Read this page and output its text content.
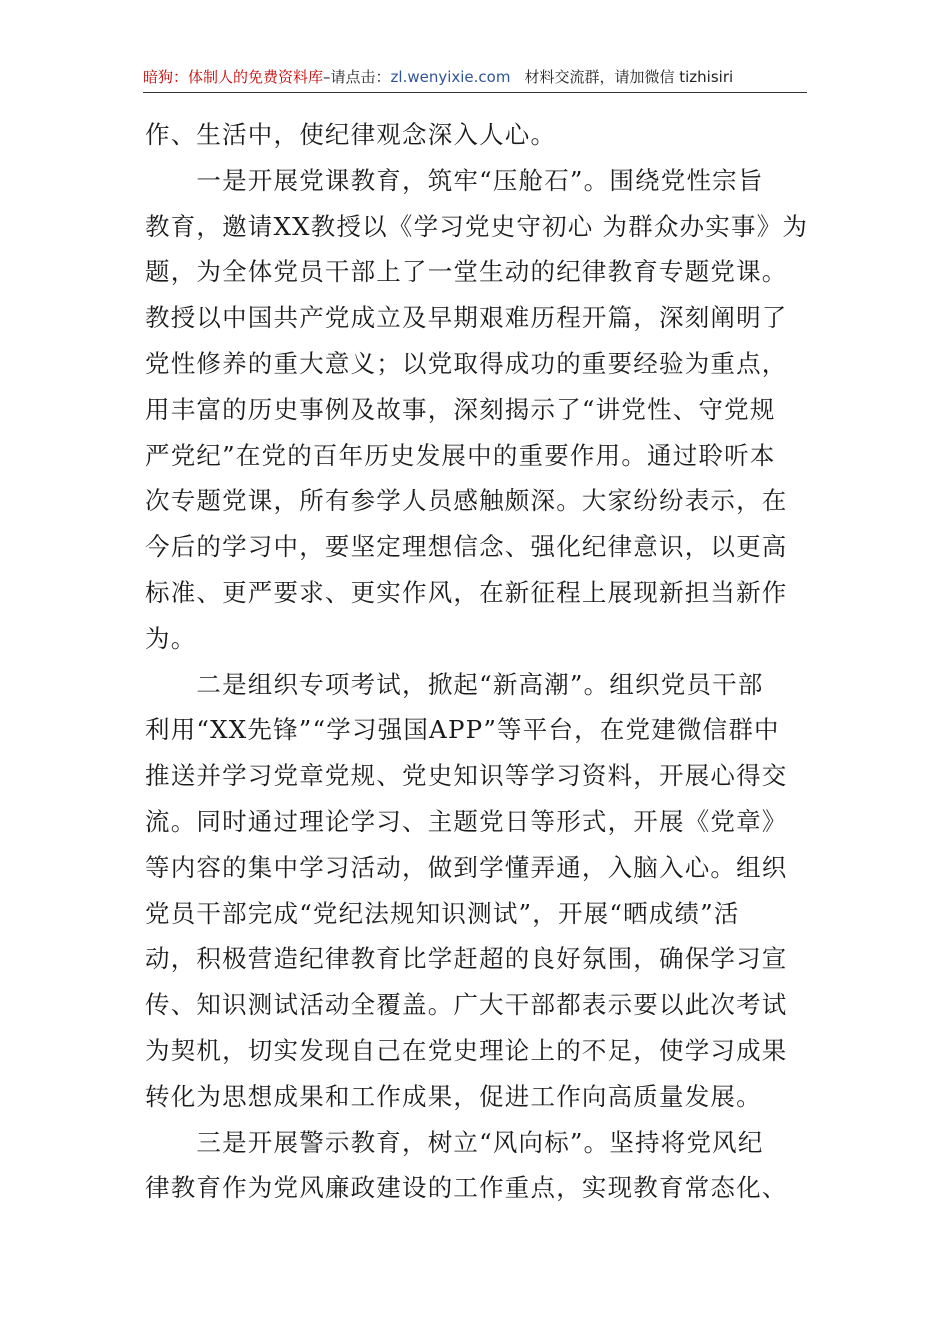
暗狗：体制人的免费资料库–请点击：zl.wenyixie.com 材料交流群，请加微信 tizhisiri
作、生活中，使纪律观念深入人心。
　　一是开展党课教育，筑牢“压舱石”。围绕党性宗旨
教育，邀请XX教授以《学习党史守初心 为群众办实事》为
题，为全体党员干部上了一堂生动的纪律教育专题党课。
教授以中国共产党成立及早期艰难历程开篇，深刻阐明了
党性修养的重大意义；以党取得成功的重要经验为重点，
用丰富的历史事例及故事，深刻揭示了“讲党性、守党规
严党纪”在党的百年历史发展中的重要作用。通过聆听本
次专题党课，所有参学人员感触颇深。大家纷纷表示，在
今后的学习中，要坚定理想信念、强化纪律意识，以更高
标准、更严要求、更实作风，在新征程上展现新担当新作
为。
　　二是组织专项考试，掀起“新高潮”。组织党员干部
利用“XX先锋”“学习强国APP”等平台，在党建微信群中
推送并学习党章党规、党史知识等学习资料，开展心得交
流。同时通过理论学习、主题党日等形式，开展《党章》
等内容的集中学习活动，做到学懂弄通，入脑入心。组织
党员干部完成“党纪法规知识测试”，开展“晒成绩”活
动，积极营造纪律教育比学赶超的良好氛围，确保学习宣
传、知识测试活动全覆盖。广大干部都表示要以此次考试
为契机，切实发现自己在党史理论上的不足，使学习成果
转化为思想成果和工作成果，促进工作向高质量发展。
　　三是开展警示教育，树立“风向标”。坚持将党风纪
律教育作为党风廉政建设的工作重点，实现教育常态化、
